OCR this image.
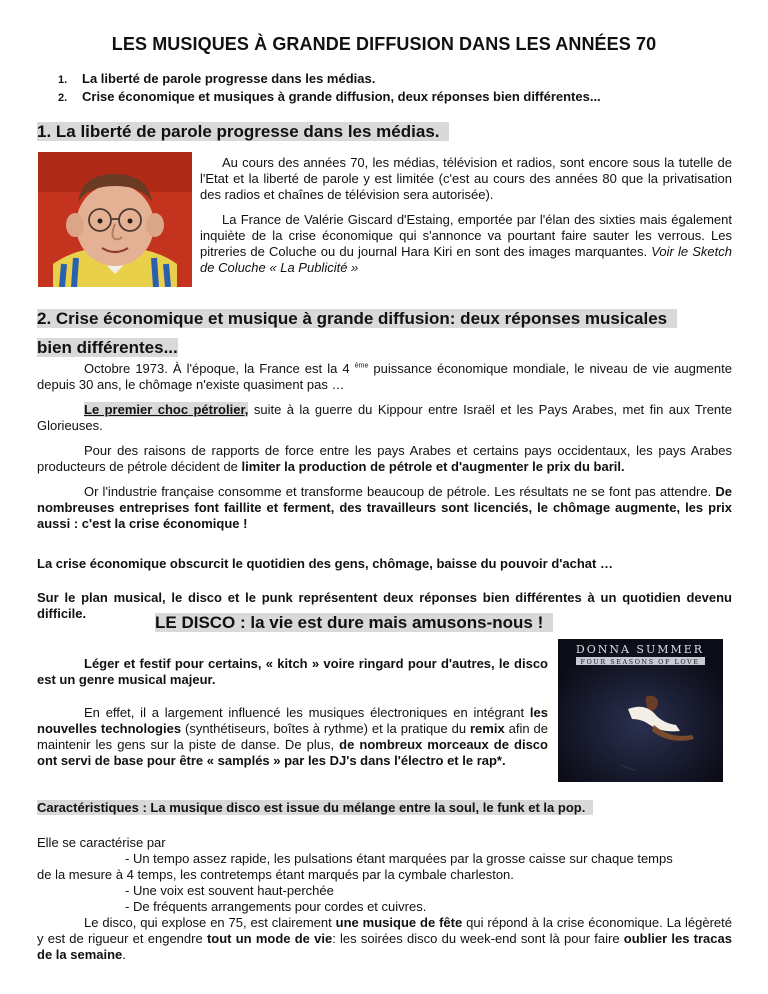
LES MUSIQUES À GRANDE DIFFUSION DANS LES ANNÉES 70
1. La liberté de parole progresse dans les médias.
2. Crise économique et musiques à grande diffusion, deux réponses bien différentes...
1. La liberté de parole progresse dans les médias.

Au cours des années 70, les médias, télévision et radios, sont encore sous la tutelle de l'Etat et la liberté de parole y est limitée (c'est au cours des années 80 que la privatisation des radios et chaînes de télévision sera autorisée).

La France de Valérie Giscard d'Estaing, emportée par l'élan des sixties mais également inquiète de la crise économique qui s'annonce va pourtant faire sauter les verrous. Les pitreries de Coluche ou du journal Hara Kiri en sont des images marquantes. Voir le Sketch de Coluche « La Publicité »

2. Crise économique et musique à grande diffusion: deux réponses musicales
bien différentes...

Octobre 1973. À l'époque, la France est la 4 $^{ème}$ puissance économique mondiale, le niveau de vie augmente depuis 30 ans, le chômage n'existe quasiment pas …

Le premier choc pétrolier, suite à la guerre du Kippour entre Israël et les Pays Arabes, met fin aux Trente Glorieuses.

Pour des raisons de rapports de force entre les pays Arabes et certains pays occidentaux, les pays Arabes producteurs de pétrole décident de limiter la production de pétrole et d'augmenter le prix du baril.

Or l'industrie française consomme et transforme beaucoup de pétrole. Les résultats ne se font pas attendre. De nombreuses entreprises font faillite et ferment, des travailleurs sont licenciés, le chômage augmente, les prix aussi : c'est la crise économique !

La crise économique obscurcit le quotidien des gens, chômage, baisse du pouvoir d'achat …

Sur le plan musical, le disco et le punk représentent deux réponses bien différentes à un quotidien devenu difficile.	LE DISCO : la vie est dure mais amusons-nous !

Léger et festif pour certains, « kitch » voire ringard pour d'autres, le disco est un genre musical majeur.

En effet, il a largement influencé les musiques électroniques en intégrant les nouvelles technologies (synthétiseurs, boîtes à rythme) et la pratique du remix afin de maintenir les gens sur la piste de danse. De plus, de nombreux morceaux de disco ont servi de base pour être « samplés » par les DJ's dans l'électro et le rap*.

DONNA SUMMER
FOUR SEASONS OF LOVE

Caractéristiques : La musique disco est issue du mélange entre la soul, le funk et la pop.

Elle se caractérise par

- Un tempo assez rapide, les pulsations étant marquées par la grosse caisse sur chaque temps

de la mesure à 4 temps, les contretemps étant marqués par la cymbale charleston.

- Une voix est souvent haut-perchée

- De fréquents arrangements pour cordes et cuivres.

Le disco, qui explose en 75, est clairement une musique de fête qui répond à la crise économique. La légèreté y est de rigueur et engendre tout un mode de vie: les soirées disco du week-end sont là pour faire oublier les tracas de la semaine.
